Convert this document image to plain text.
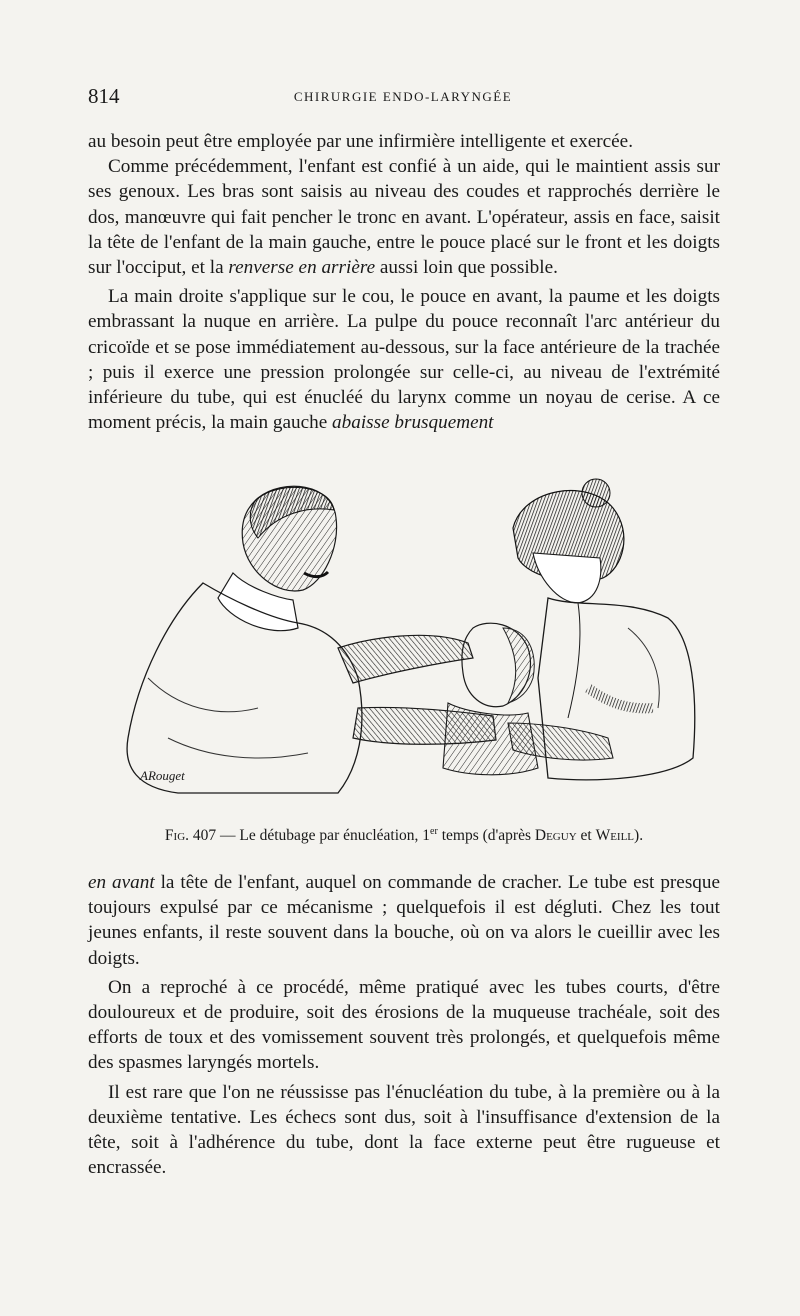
814	CHIRURGIE ENDO-LARYNGÉE

au besoin peut être employée par une infirmière intelligente et exercée.

Comme précédemment, l'enfant est confié à un aide, qui le maintient assis sur ses genoux. Les bras sont saisis au niveau des coudes et rapprochés derrière le dos, manœuvre qui fait pencher le tronc en avant. L'opérateur, assis en face, saisit la tête de l'enfant de la main gauche, entre le pouce placé sur le front et les doigts sur l'occiput, et la renverse en arrière aussi loin que possible.

La main droite s'applique sur le cou, le pouce en avant, la paume et les doigts embrassant la nuque en arrière. La pulpe du pouce reconnaît l'arc antérieur du cricoïde et se pose immédiatement au-dessous, sur la face antérieure de la trachée ; puis il exerce une pression prolongée sur celle-ci, au niveau de l'extrémité inférieure du tube, qui est énucléé du larynx comme un noyau de cerise. A ce moment précis, la main gauche abaisse brusquement

ARouget
Fig. 407 — Le détubage par énucléation, 1er temps (d'après Deguy et Weill).

en avant la tête de l'enfant, auquel on commande de cracher. Le tube est presque toujours expulsé par ce mécanisme ; quelquefois il est dégluti. Chez les tout jeunes enfants, il reste souvent dans la bouche, où on va alors le cueillir avec les doigts.

On a reproché à ce procédé, même pratiqué avec les tubes courts, d'être douloureux et de produire, soit des érosions de la muqueuse trachéale, soit des efforts de toux et des vomissement souvent très prolongés, et quelquefois même des spasmes laryngés mortels.

Il est rare que l'on ne réussisse pas l'énucléation du tube, à la première ou à la deuxième tentative. Les échecs sont dus, soit à l'insuffisance d'extension de la tête, soit à l'adhérence du tube, dont la face externe peut être rugueuse et encrassée.
